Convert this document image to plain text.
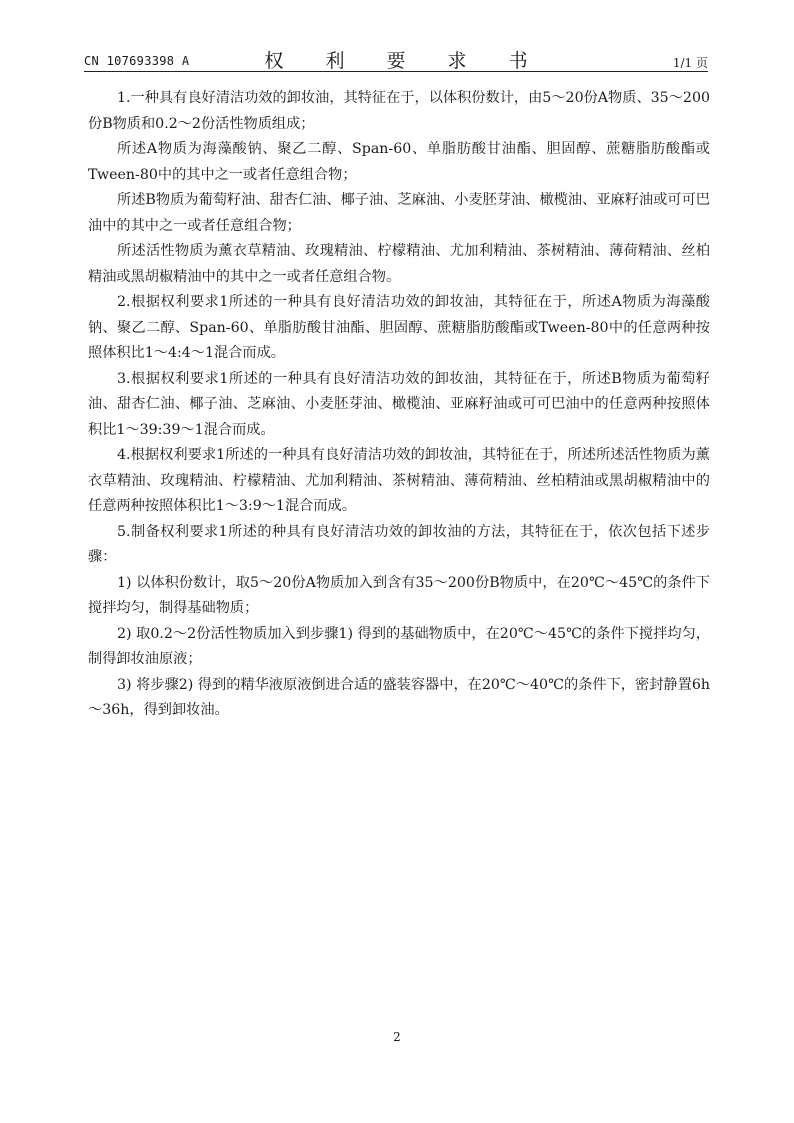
CN 107693398 A	权 利 要 求 书	1/1 页

1.一种具有良好清洁功效的卸妆油，其特征在于，以体积份数计，由5～20份A物质、35～200份B物质和0.2～2份活性物质组成；

所述A物质为海藻酸钠、聚乙二醇、Span-60、单脂肪酸甘油酯、胆固醇、蔗糖脂肪酸酯或Tween-80中的其中之一或者任意组合物；

所述B物质为葡萄籽油、甜杏仁油、椰子油、芝麻油、小麦胚芽油、橄榄油、亚麻籽油或可可巴油中的其中之一或者任意组合物；

所述活性物质为薰衣草精油、玫瑰精油、柠檬精油、尤加利精油、茶树精油、薄荷精油、丝柏精油或黑胡椒精油中的其中之一或者任意组合物。

2.根据权利要求1所述的一种具有良好清洁功效的卸妆油，其特征在于，所述A物质为海藻酸钠、聚乙二醇、Span-60、单脂肪酸甘油酯、胆固醇、蔗糖脂肪酸酯或Tween-80中的任意两种按照体积比1～4:4～1混合而成。

3.根据权利要求1所述的一种具有良好清洁功效的卸妆油，其特征在于，所述B物质为葡萄籽油、甜杏仁油、椰子油、芝麻油、小麦胚芽油、橄榄油、亚麻籽油或可可巴油中的任意两种按照体积比1～39:39～1混合而成。

4.根据权利要求1所述的一种具有良好清洁功效的卸妆油，其特征在于，所述所述活性物质为薰衣草精油、玫瑰精油、柠檬精油、尤加利精油、茶树精油、薄荷精油、丝柏精油或黑胡椒精油中的任意两种按照体积比1～3:9～1混合而成。

5.制备权利要求1所述的种具有良好清洁功效的卸妆油的方法，其特征在于，依次包括下述步骤：

1) 以体积份数计，取5～20份A物质加入到含有35～200份B物质中，在20℃～45℃的条件下搅拌均匀，制得基础物质；

2) 取0.2～2份活性物质加入到步骤1) 得到的基础物质中，在20℃～45℃的条件下搅拌均匀，制得卸妆油原液；

3) 将步骤2) 得到的精华液原液倒进合适的盛装容器中，在20℃～40℃的条件下，密封静置6h～36h，得到卸妆油。

2
